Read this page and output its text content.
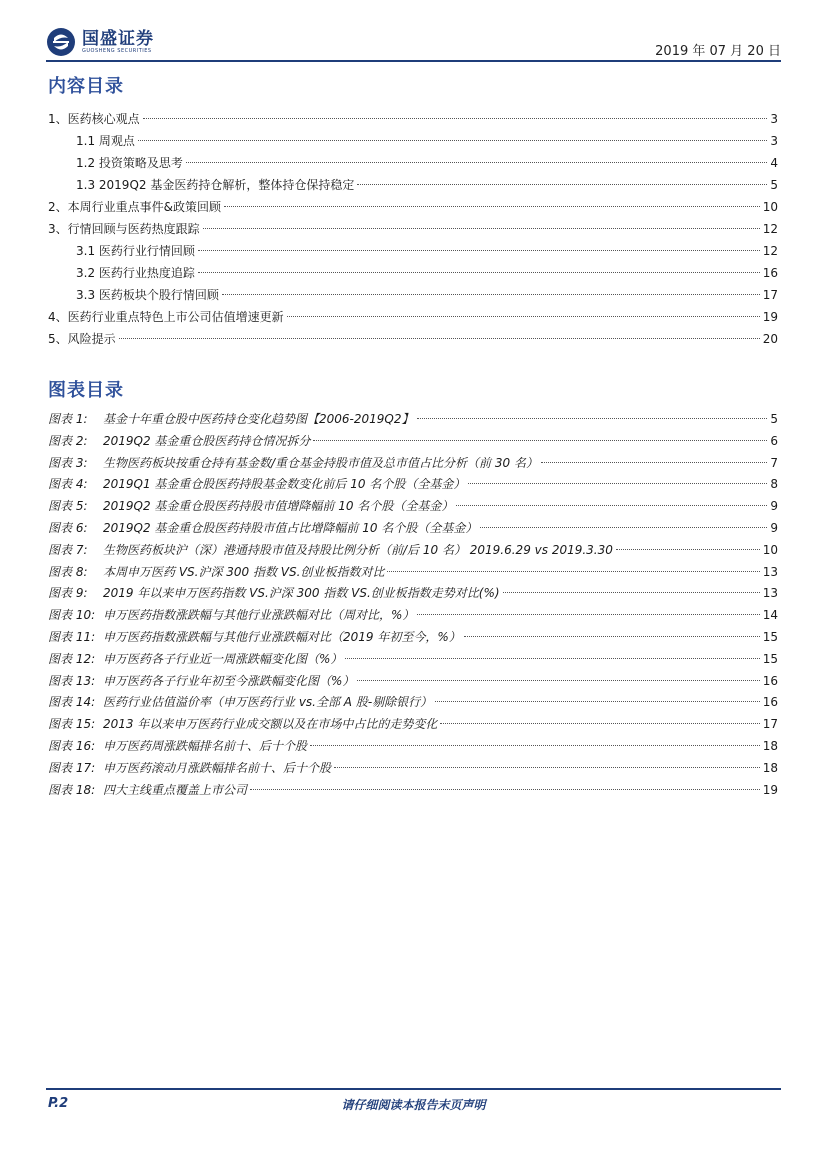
国盛证券
GUOSHENG SECURITIES	2019 年 07 月 20 日
内容目录
1、医药核心观点	3
1.1 周观点	3
1.2 投资策略及思考	4
1.3 2019Q2 基金医药持仓解析，整体持仓保持稳定	5
2、本周行业重点事件&政策回顾	10
3、行情回顾与医药热度跟踪	12
3.1 医药行业行情回顾	12
3.2 医药行业热度追踪	16
3.3 医药板块个股行情回顾	17
4、医药行业重点特色上市公司估值增速更新	19
5、风险提示	20
图表目录
图表 1:	基金十年重仓股中医药持仓变化趋势图【2006-2019Q2】	5
图表 2:	2019Q2 基金重仓股医药持仓情况拆分	6
图表 3:	生物医药板块按重仓持有基金数/重仓基金持股市值及总市值占比分析（前 30 名）	7
图表 4:	2019Q1 基金重仓股医药持股基金数变化前后 10 名个股（全基金）	8
图表 5:	2019Q2 基金重仓股医药持股市值增降幅前 10 名个股（全基金）	9
图表 6:	2019Q2 基金重仓股医药持股市值占比增降幅前 10 名个股（全基金）	9
图表 7:	生物医药板块沪（深）港通持股市值及持股比例分析（前/后 10 名） 2019.6.29 vs 2019.3.30	10
图表 8:	本周申万医药 VS.沪深 300 指数 VS.创业板指数对比	13
图表 9:	2019 年以来申万医药指数 VS.沪深 300 指数 VS.创业板指数走势对比(%)	13
图表 10: 申万医药指数涨跌幅与其他行业涨跌幅对比（周对比，%）	14
图表 11: 申万医药指数涨跌幅与其他行业涨跌幅对比（2019 年初至今，%）	15
图表 12: 申万医药各子行业近一周涨跌幅变化图（%）	15
图表 13: 申万医药各子行业年初至今涨跌幅变化图（%）	16
图表 14: 医药行业估值溢价率（申万医药行业 vs.全部 A 股-剔除银行）	16
图表 15: 2013 年以来申万医药行业成交额以及在市场中占比的走势变化	17
图表 16: 申万医药周涨跌幅排名前十、后十个股	18
图表 17: 申万医药滚动月涨跌幅排名前十、后十个股	18
图表 18: 四大主线重点覆盖上市公司	19
P.2	请仔细阅读本报告末页声明
